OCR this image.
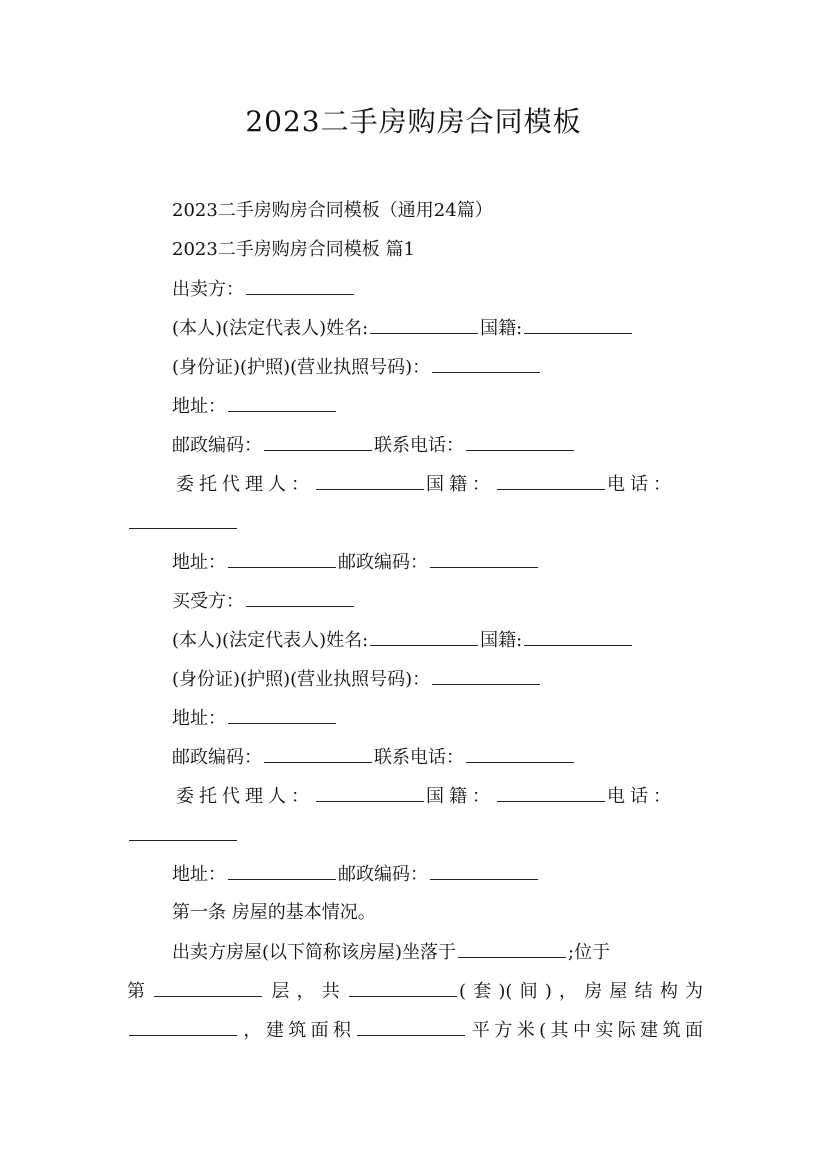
2023二手房购房合同模板
2023二手房购房合同模板（通用24篇）
2023二手房购房合同模板 篇1
出卖方：
(本人)(法定代表人)姓名:	国籍:
(身份证)(护照)(营业执照号码)：
地址：
邮政编码：	联系电话：
委托代理人：	国籍：	电话：
地址：	邮政编码：
买受方：
(本人)(法定代表人)姓名:	国籍:
(身份证)(护照)(营业执照号码)：
地址：
邮政编码：	联系电话：
委托代理人：	国籍：	电话：
地址：	邮政编码：
第一条 房屋的基本情况。
出卖方房屋(以下简称该房屋)坐落于	;位于
第	层，共	(套)(间)，房屋结构为
，建筑面积	平方米(其中实际建筑面
